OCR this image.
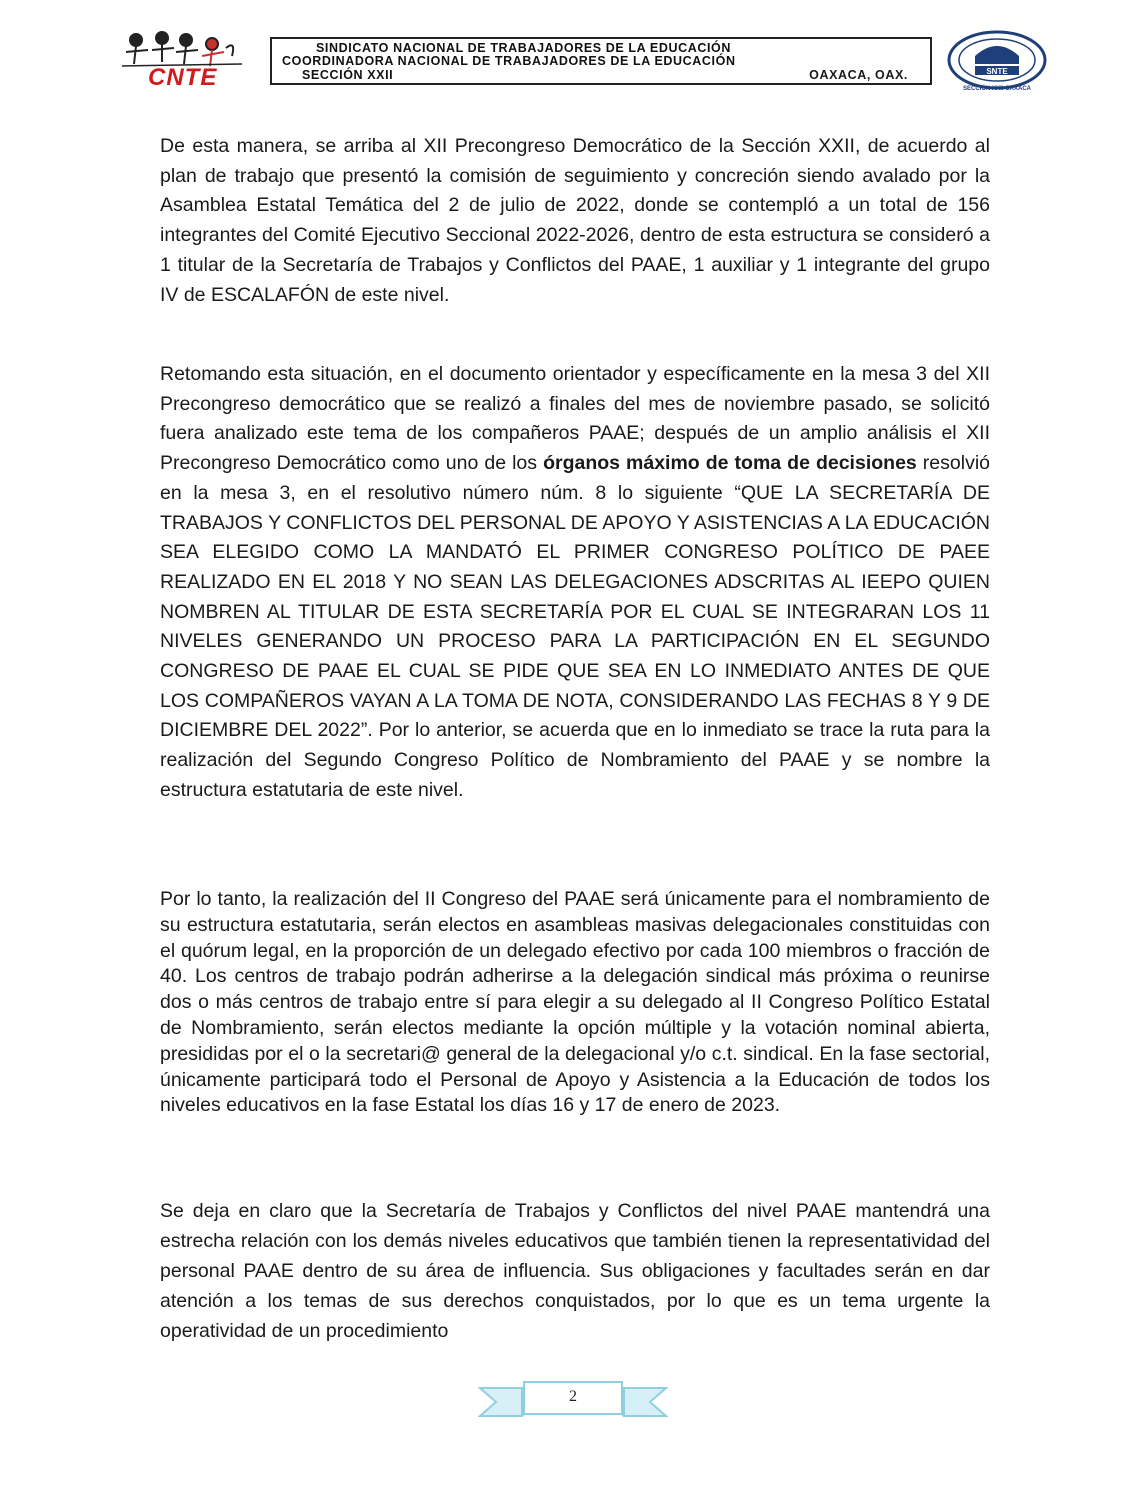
CNTE
SINDICATO NACIONAL DE TRABAJADORES DE LA EDUCACIÓN
COORDINADORA NACIONAL DE TRABAJADORES DE LA EDUCACIÓN
SECCIÓN XXII	OAXACA, OAX.	SNTE
SECCIÓN XXII OAXACA

De esta manera, se arriba al XII Precongreso Democrático de la Sección XXII, de acuerdo al plan de trabajo que presentó la comisión de seguimiento y concreción siendo avalado por la Asamblea Estatal Temática del 2 de julio de 2022, donde se contempló a un total de 156 integrantes del Comité Ejecutivo Seccional 2022-2026, dentro de esta estructura se consideró a 1 titular de la Secretaría de Trabajos y Conflictos del PAAE, 1 auxiliar y 1 integrante del grupo IV de ESCALAFÓN de este nivel.

Retomando esta situación, en el documento orientador y específicamente en la mesa 3 del XII Precongreso democrático que se realizó a finales del mes de noviembre pasado, se solicitó fuera analizado este tema de los compañeros PAAE; después de un amplio análisis el XII Precongreso Democrático como uno de los órganos máximo de toma de decisiones resolvió en la mesa 3, en el resolutivo número núm. 8 lo siguiente “QUE LA SECRETARÍA DE TRABAJOS Y CONFLICTOS DEL PERSONAL DE APOYO Y ASISTENCIAS A LA EDUCACIÓN SEA ELEGIDO COMO LA MANDATÓ EL PRIMER CONGRESO POLÍTICO DE PAEE REALIZADO EN EL 2018 Y NO SEAN LAS DELEGACIONES ADSCRITAS AL IEEPO QUIEN NOMBREN AL TITULAR DE ESTA SECRETARÍA POR EL CUAL SE INTEGRARAN LOS 11 NIVELES GENERANDO UN PROCESO PARA LA PARTICIPACIÓN EN EL SEGUNDO CONGRESO DE PAAE EL CUAL SE PIDE QUE SEA EN LO INMEDIATO ANTES DE QUE LOS COMPAÑEROS VAYAN A LA TOMA DE NOTA, CONSIDERANDO LAS FECHAS 8 Y 9 DE DICIEMBRE DEL 2022”. Por lo anterior, se acuerda que en lo inmediato se trace la ruta para la realización del Segundo Congreso Político de Nombramiento del PAAE y se nombre la estructura estatutaria de este nivel.

Por lo tanto, la realización del II Congreso del PAAE será únicamente para el nombramiento de su estructura estatutaria, serán electos en asambleas masivas delegacionales constituidas con el quórum legal, en la proporción de un delegado efectivo por cada 100 miembros o fracción de 40. Los centros de trabajo podrán adherirse a la delegación sindical más próxima o reunirse dos o más centros de trabajo entre sí para elegir a su delegado al II Congreso Político Estatal de Nombramiento, serán electos mediante la opción múltiple y la votación nominal abierta, presididas por el o la secretari@ general de la delegacional y/o c.t. sindical. En la fase sectorial, únicamente participará todo el Personal de Apoyo y Asistencia a la Educación de todos los niveles educativos en la fase Estatal los días 16 y 17 de enero de 2023.

Se deja en claro que la Secretaría de Trabajos y Conflictos del nivel PAAE mantendrá una estrecha relación con los demás niveles educativos que también tienen la representatividad del personal PAAE dentro de su área de influencia. Sus obligaciones y facultades serán en dar atención a los temas de sus derechos conquistados, por lo que es un tema urgente la operatividad de un procedimiento

2
